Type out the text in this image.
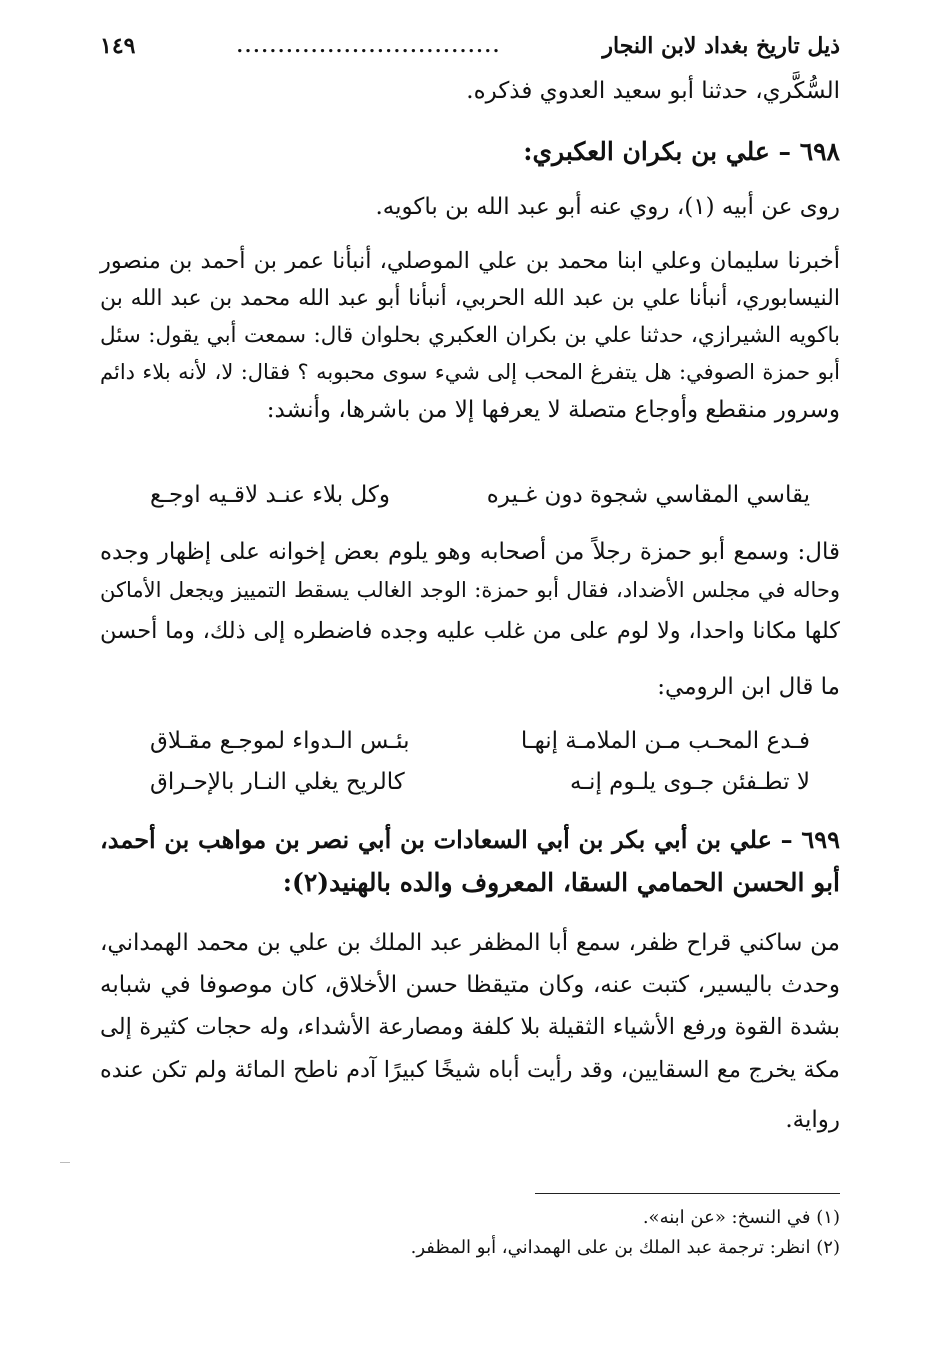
ذيل تاريخ بغداد لابن النجار
................................
١٤٩
السُّكَّري، حدثنا أبو سعيد العدوي فذكره.
٦٩٨ – علي بن بكران العكبري:
روى عن أبيه (١)، روي عنه أبو عبد الله بن باكويه.
أخبرنا سليمان وعلي ابنا محمد بن علي الموصلي، أنبأنا عمر بن أحمد بن منصور
النيسابوري، أنبأنا علي بن عبد الله الحربي، أنبأنا أبو عبد الله محمد بن عبد الله بن
باكويه الشيرازي، حدثنا علي بن بكران العكبري بحلوان قال: سمعت أبي يقول: سئل
أبو حمزة الصوفي: هل يتفرغ المحب إلى شيء سوى محبوبه ؟ فقال: لا، لأنه بلاء دائم
وسرور منقطع وأوجاع متصلة لا يعرفها إلا من باشرها، وأنشد:
يقاسي المقاسي شجوة دون غـيره
وكل بلاء عنـد لاقـيه اوجـع
قال: وسمع أبو حمزة رجلاً من أصحابه وهو يلوم بعض إخوانه على إظهار وجده
وحاله في مجلس الأضداد، فقال أبو حمزة: الوجد الغالب يسقط التمييز ويجعل الأماكن
كلها مكانا واحدا، ولا لوم على من غلب عليه وجده فاضطره إلى ذلك، وما أحسن
ما قال ابن الرومي:
فـدع المحـب مـن الملامـة إنهـا
بئـس الـدواء لموجـع مقـلاق
لا تطـفئن جـوى يلـوم إنـه
كالريح يغلي النـار بالإحـراق
٦٩٩ – علي بن أبي بكر بن أبي السعادات بن أبي نصر بن مواهب بن أحمد،
أبو الحسن الحمامي السقا، المعروف والده بالهنيد(٢):
من ساكني قراح ظفر، سمع أبا المظفر عبد الملك بن علي بن محمد الهمداني،
وحدث باليسير، كتبت عنه، وكان متيقظا حسن الأخلاق، كان موصوفا في شبابه
بشدة القوة ورفع الأشياء الثقيلة بلا كلفة ومصارعة الأشداء، وله حجات كثيرة إلى
مكة يخرج مع السقايين، وقد رأيت أباه شيخًا كبيرًا آدم ناطح المائة ولم تكن عنده
رواية.
(١) في النسخ: «عن ابنه».
(٢) انظر: ترجمة عبد الملك بن على الهمداني، أبو المظفر.
